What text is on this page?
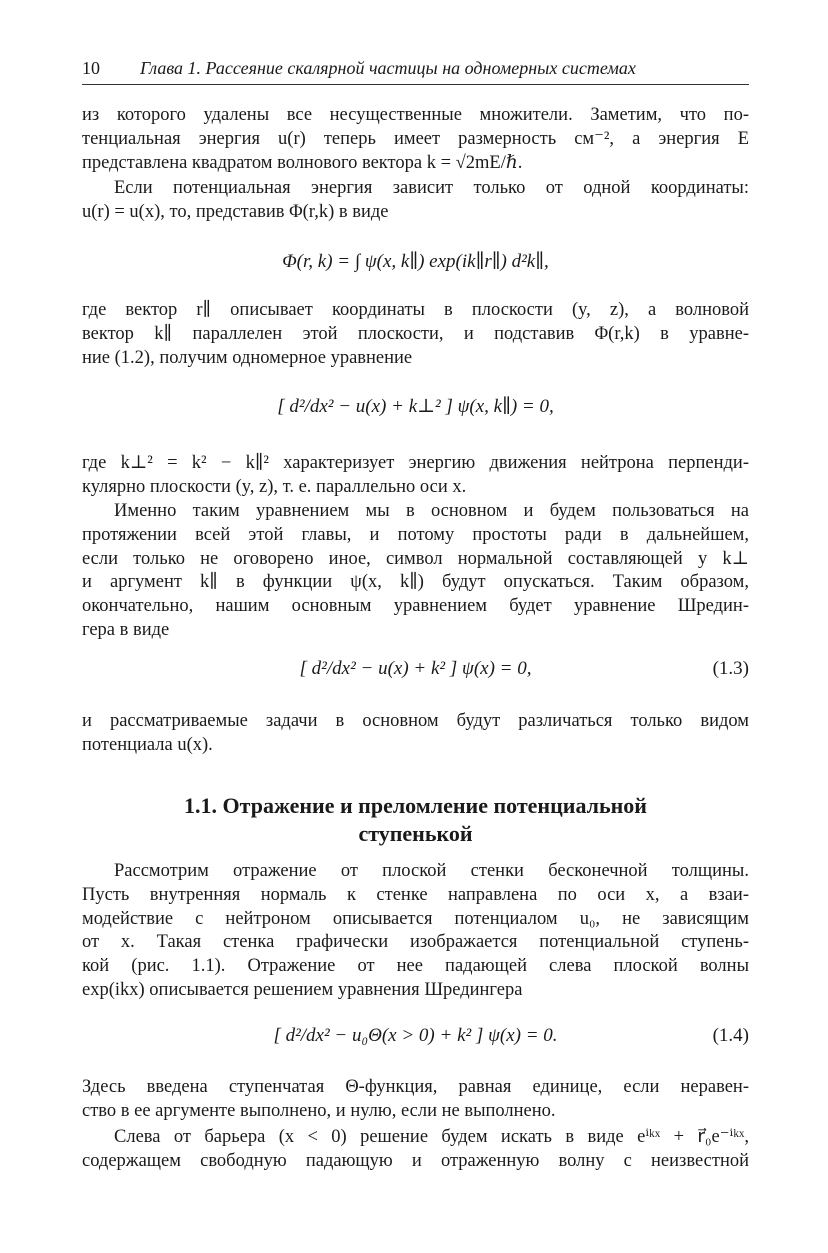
10 Глава 1. Рассеяние скалярной частицы на одномерных системах
из которого удалены все несущественные множители. Заметим, что по-
тенциальная энергия u(r) теперь имеет размерность см⁻², а энергия E
представлена квадратом волнового вектора k = √2mE/ℏ.
Если потенциальная энергия зависит только от одной координаты:
u(r) = u(x), то, представив Φ(r,k) в виде
Φ(r, k) = ∫ ψ(x, k∥) exp(ik∥r∥) d²k∥,
где вектор r∥ описывает координаты в плоскости (y, z), а волновой
вектор k∥ параллелен этой плоскости, и подставив Φ(r,k) в уравне-
ние (1.2), получим одномерное уравнение
[ d²/dx² − u(x) + k⊥² ] ψ(x, k∥) = 0,
где k⊥² = k² − k∥² характеризует энергию движения нейтрона перпенди-
кулярно плоскости (y, z), т. е. параллельно оси x.
Именно таким уравнением мы в основном и будем пользоваться на
протяжении всей этой главы, и потому простоты ради в дальнейшем,
если только не оговорено иное, символ нормальной составляющей у k⊥
и аргумент k∥ в функции ψ(x, k∥) будут опускаться. Таким образом,
окончательно, нашим основным уравнением будет уравнение Шредин-
гера в виде
[ d²/dx² − u(x) + k² ] ψ(x) = 0,	(1.3)
и рассматриваемые задачи в основном будут различаться только видом
потенциала u(x).
1.1. Отражение и преломление потенциальной
ступенькой
Рассмотрим отражение от плоской стенки бесконечной толщины.
Пусть внутренняя нормаль к стенке направлена по оси x, а взаи-
модействие с нейтроном описывается потенциалом u₀, не зависящим
от x. Такая стенка графически изображается потенциальной ступень-
кой (рис. 1.1). Отражение от нее падающей слева плоской волны
exp(ikx) описывается решением уравнения Шредингера
[ d²/dx² − u₀Θ(x > 0) + k² ] ψ(x) = 0.	(1.4)
Здесь введена ступенчатая Θ-функция, равная единице, если неравен-
ство в ее аргументе выполнено, и нулю, если не выполнено.
Слева от барьера (x < 0) решение будем искать в виде eⁱᵏˣ + r⃗₀e⁻ⁱᵏˣ,
содержащем свободную падающую и отраженную волну с неизвестной
